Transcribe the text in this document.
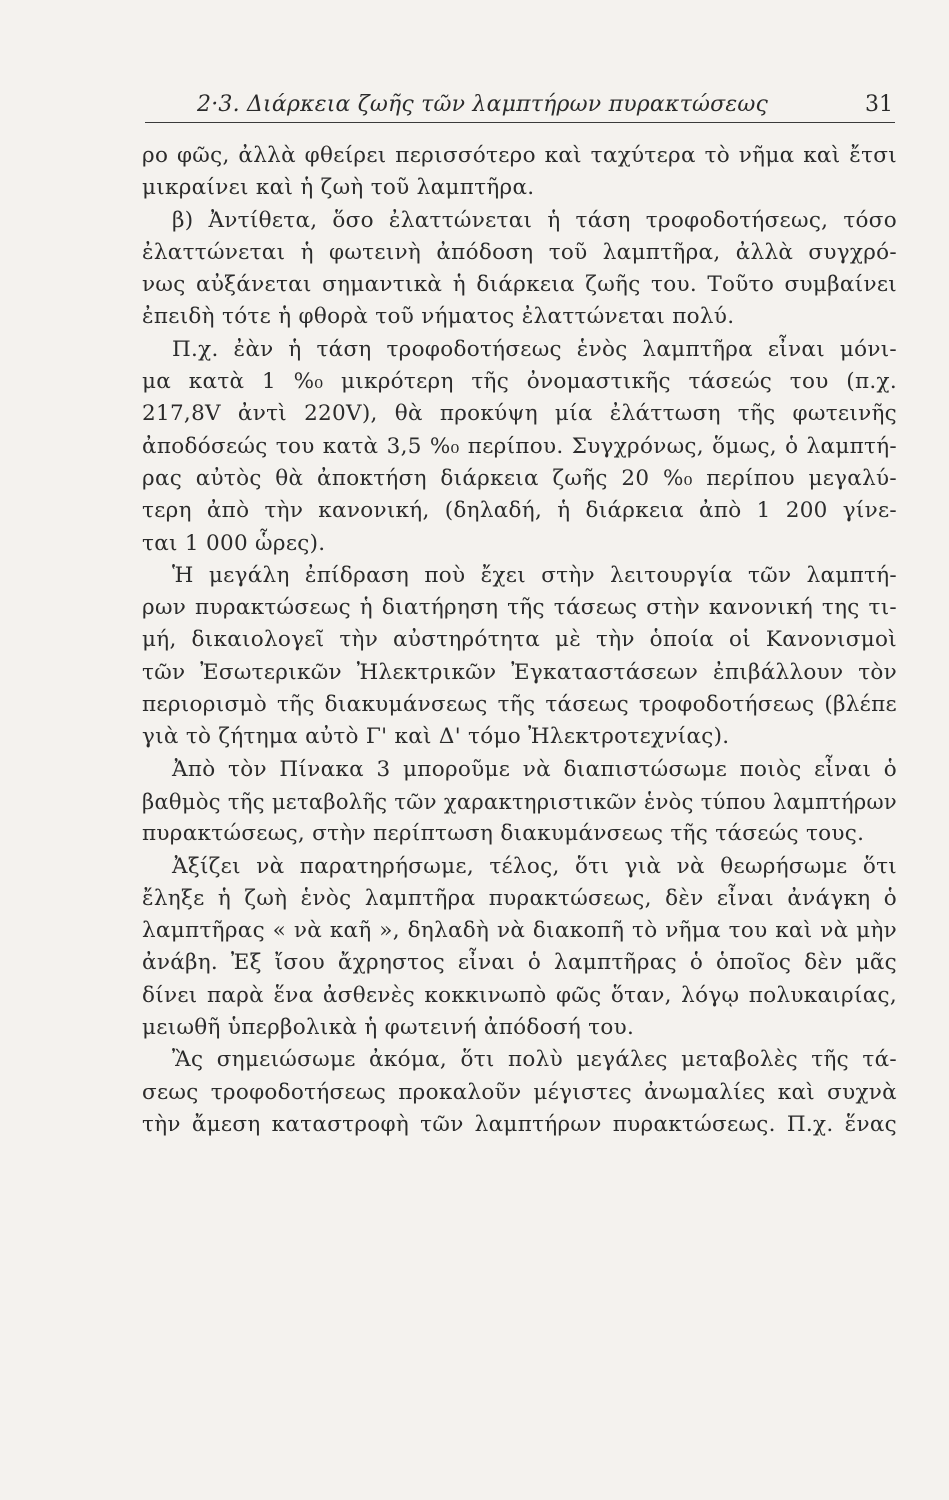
2·3. Διάρκεια ζωῆς τῶν λαμπτήρων πυρακτώσεως	31
ρο φῶς, ἀλλὰ φθείρει περισσότερο καὶ ταχύτερα τὸ νῆμα καὶ ἔτσι
μικραίνει καὶ ἡ ζωὴ τοῦ λαμπτῆρα.
β) Ἀντίθετα, ὅσο ἐλαττώνεται ἡ τάση τροφοδοτήσεως, τόσο
ἐλαττώνεται ἡ φωτεινὴ ἀπόδοση τοῦ λαμπτῆρα, ἀλλὰ συγχρό-
νως αὐξάνεται σημαντικὰ ἡ διάρκεια ζωῆς του. Τοῦτο συμβαίνει
ἐπειδὴ τότε ἡ φθορὰ τοῦ νήματος ἐλαττώνεται πολύ.
Π.χ. ἐὰν ἡ τάση τροφοδοτήσεως ἑνὸς λαμπτῆρα εἶναι μόνι-
μα κατὰ 1 %₀ μικρότερη τῆς ὀνομαστικῆς τάσεώς του (π.χ.
217,8V ἀντὶ 220V), θὰ προκύψη μία ἐλάττωση τῆς φωτεινῆς
ἀποδόσεώς του κατὰ 3,5 %₀ περίπου. Συγχρόνως, ὅμως, ὁ λαμπτή-
ρας αὐτὸς θὰ ἀποκτήση διάρκεια ζωῆς 20 %₀ περίπου μεγαλύ-
τερη ἀπὸ τὴν κανονική, (δηλαδή, ἡ διάρκεια ἀπὸ 1 200 γίνε-
ται 1 000 ὧρες).
Ἡ μεγάλη ἐπίδραση ποὺ ἔχει στὴν λειτουργία τῶν λαμπτή-
ρων πυρακτώσεως ἡ διατήρηση τῆς τάσεως στὴν κανονική της τι-
μή, δικαιολογεῖ τὴν αὐστηρότητα μὲ τὴν ὁποία οἱ Κανονισμοὶ
τῶν Ἐσωτερικῶν Ἠλεκτρικῶν Ἐγκαταστάσεων ἐπιβάλλουν τὸν
περιορισμὸ τῆς διακυμάνσεως τῆς τάσεως τροφοδοτήσεως (βλέπε
γιὰ τὸ ζήτημα αὐτὸ Γ' καὶ Δ' τόμο Ἠλεκτροτεχνίας).
Ἀπὸ τὸν Πίνακα 3 μποροῦμε νὰ διαπιστώσωμε ποιὸς εἶναι ὁ
βαθμὸς τῆς μεταβολῆς τῶν χαρακτηριστικῶν ἑνὸς τύπου λαμπτήρων
πυρακτώσεως, στὴν περίπτωση διακυμάνσεως τῆς τάσεώς τους.
Ἀξίζει νὰ παρατηρήσωμε, τέλος, ὅτι γιὰ νὰ θεωρήσωμε ὅτι
ἔληξε ἡ ζωὴ ἑνὸς λαμπτῆρα πυρακτώσεως, δὲν εἶναι ἀνάγκη ὁ
λαμπτῆρας « νὰ καῆ », δηλαδὴ νὰ διακοπῆ τὸ νῆμα του καὶ νὰ μὴν
ἀνάβη. Ἐξ ἴσου ἄχρηστος εἶναι ὁ λαμπτῆρας ὁ ὁποῖος δὲν μᾶς
δίνει παρὰ ἕνα ἀσθενὲς κοκκινωπὸ φῶς ὅταν, λόγῳ πολυκαιρίας,
μειωθῆ ὑπερβολικὰ ἡ φωτεινή ἀπόδοσή του.
Ἂς σημειώσωμε ἀκόμα, ὅτι πολὺ μεγάλες μεταβολὲς τῆς τά-
σεως τροφοδοτήσεως προκαλοῦν μέγιστες ἀνωμαλίες καὶ συχνὰ
τὴν ἄμεση καταστροφὴ τῶν λαμπτήρων πυρακτώσεως. Π.χ. ἕνας
